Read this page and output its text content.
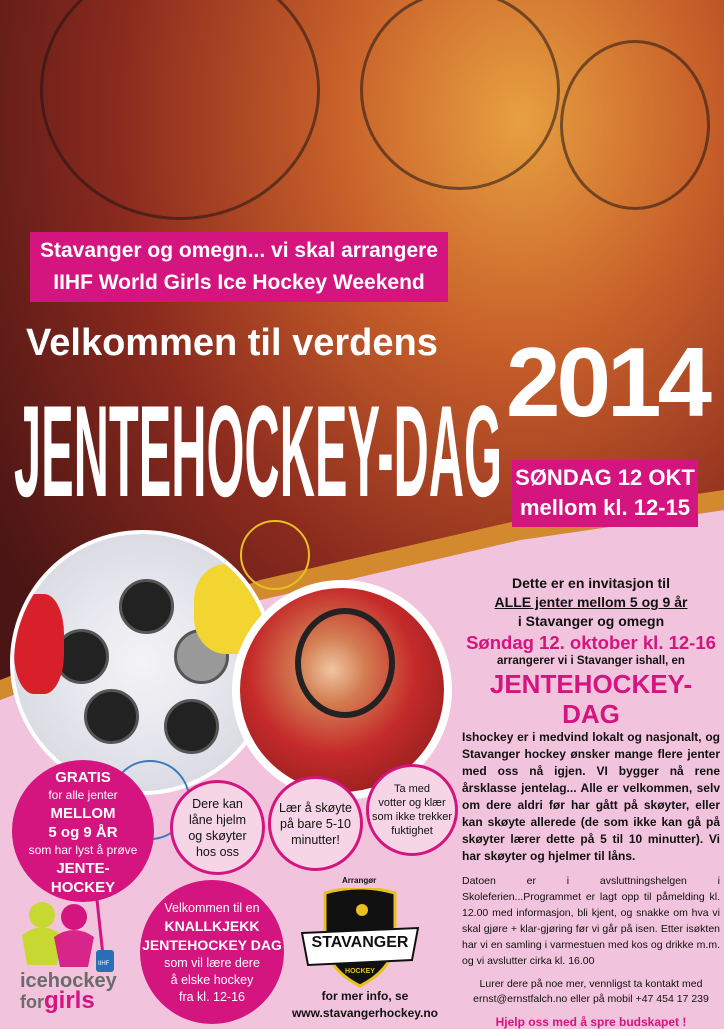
Stavanger og omegn... vi skal arrangere
IIHF World Girls Ice Hockey Weekend
Velkommen til verdens
JENTEHOCKEY-DAG 2014
SØNDAG 12 OKT
mellom kl. 12-15
GRATIS
for alle jenter
MELLOM
5 og 9 ÅR
som har lyst å prøve
JENTE-
HOCKEY
Dere kan
låne hjelm
og skøyter
hos oss
Lær å skøyte
på bare 5-10
minutter!
Ta med
votter og klær
som ikke trekker
fuktighet
Velkommen til en
KNALLKJEKK
JENTEHOCKEY DAG
som vil lære dere
å elske hockey
fra kl. 12-16
IIHF
icehockey
forgirls
Arrangør
STAVANGER
HOCKEY
for mer info, se
www.stavangerhockey.no
Dette er en invitasjon til
ALLE jenter mellom 5 og 9 år
i Stavanger og omegn
Søndag 12. oktober kl. 12-16
arrangerer vi i Stavanger ishall, en
JENTEHOCKEY-DAG
Ishockey er i medvind lokalt og nasjonalt, og Stavanger hockey ønsker mange flere jenter med oss nå igjen. VI bygger nå rene årsklasse jentelag... Alle er velkommen, selv om dere aldri før har gått på skøyter, eller kan skøyte allerede (de som ikke kan gå på skøyter lærer dette på 5 til 10 minutter). Vi har skøyter og hjelmer til låns.
Datoen er i avsluttningshelgen i Skoleferien...Programmet er lagt opp til påmelding kl. 12.00 med informasjon, bli kjent, og snakke om hva vi skal gjøre + klar-gjøring før vi går på isen. Etter isøkten har vi en samling i varmestuen med kos og drikke m.m. og vi avslutter cirka kl. 16.00
Lurer dere på noe mer, vennligst ta kontakt med
ernst@ernstfalch.no eller på mobil +47 454 17 239
Hjelp oss med å spre budskapet !
